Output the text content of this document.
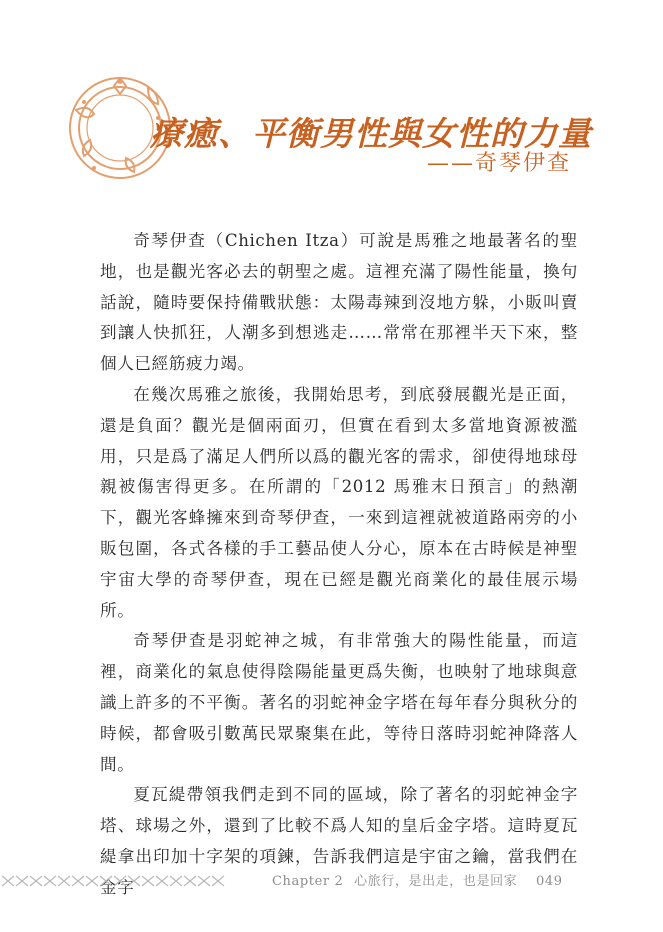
療癒、平衡男性與女性的力量
——奇琴伊查

奇琴伊查（Chichen Itza）可說是馬雅之地最著名的聖地，也是觀光客必去的朝聖之處。這裡充滿了陽性能量，換句話說，隨時要保持備戰狀態：太陽毒辣到沒地方躲，小販叫賣到讓人快抓狂，人潮多到想逃走……常常在那裡半天下來，整個人已經筋疲力竭。

在幾次馬雅之旅後，我開始思考，到底發展觀光是正面，還是負面？觀光是個兩面刃，但實在看到太多當地資源被濫用，只是爲了滿足人們所以爲的觀光客的需求，卻使得地球母親被傷害得更多。在所謂的「2012 馬雅末日預言」的熱潮下，觀光客蜂擁來到奇琴伊查，一來到這裡就被道路兩旁的小販包圍，各式各樣的手工藝品使人分心，原本在古時候是神聖宇宙大學的奇琴伊查，現在已經是觀光商業化的最佳展示場所。

奇琴伊查是羽蛇神之城，有非常強大的陽性能量，而這裡，商業化的氣息使得陰陽能量更爲失衡，也映射了地球與意識上許多的不平衡。著名的羽蛇神金字塔在每年春分與秋分的時候，都會吸引數萬民眾聚集在此，等待日落時羽蛇神降落人間。

夏瓦緹帶領我們走到不同的區域，除了著名的羽蛇神金字塔、球場之外，還到了比較不爲人知的皇后金字塔。這時夏瓦緹拿出印加十字架的項鍊，告訴我們這是宇宙之鑰，當我們在金字	Chapter 2 心旅行，是出走，也是回家 049
